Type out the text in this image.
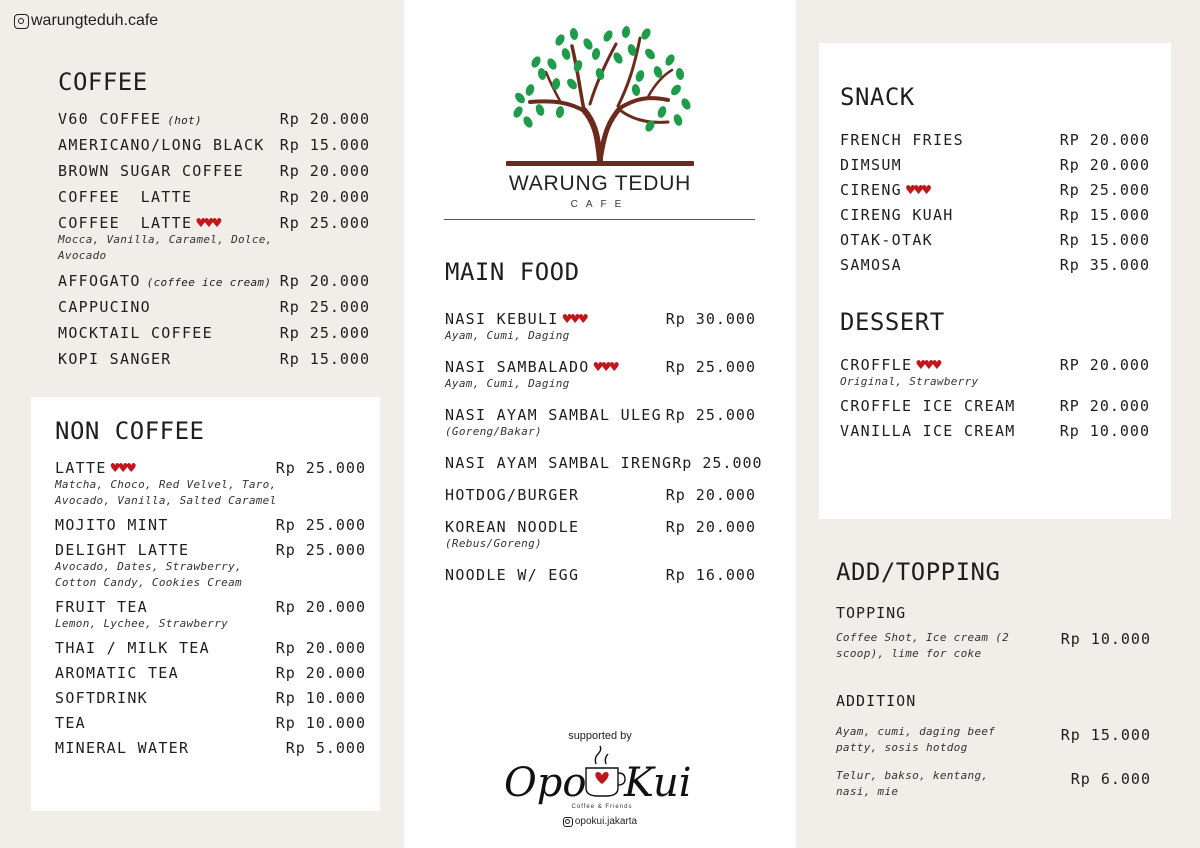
warungteduh.cafe
COFFEE
V60 COFFEE (hot)	Rp 20.000
AMERICANO/LONG BLACK Rp 15.000
BROWN SUGAR COFFEE Rp 20.000
COFFEE  LATTE	Rp 20.000
COFFEE  LATTE ♥♥♥	Rp 25.000
Mocca, Vanilla, Caramel, Dolce, Avocado
AFFOGATO (coffee ice cream) Rp 20.000
CAPPUCINO	Rp 25.000
MOCKTAIL COFFEE	Rp 25.000
KOPI SANGER	Rp 15.000
NON COFFEE
LATTE ♥♥♥	Rp 25.000
Matcha, Choco, Red Velvel, Taro, Avocado, Vanilla, Salted Caramel
MOJITO MINT	Rp 25.000
DELIGHT LATTE	Rp 25.000
Avocado, Dates, Strawberry, Cotton Candy, Cookies Cream
FRUIT TEA	Rp 20.000
Lemon, Lychee, Strawberry
THAI / MILK TEA	Rp 20.000
AROMATIC TEA	Rp 20.000
SOFTDRINK	Rp 10.000
TEA	Rp 10.000
MINERAL WATER	Rp 5.000
WARUNG TEDUH
CAFE
MAIN FOOD
NASI KEBULI ♥♥♥	Rp 30.000
Ayam, Cumi, Daging
NASI SAMBALADO ♥♥♥	Rp 25.000
Ayam, Cumi, Daging
NASI AYAM SAMBAL ULEG Rp 25.000
(Goreng/Bakar)
NASI AYAM SAMBAL IRENG Rp 25.000
HOTDOG/BURGER	Rp 20.000
KOREAN NOODLE	Rp 20.000
(Rebus/Goreng)
NOODLE W/ EGG	Rp 16.000
supported by
Opo Kui
Coffee & Friends
opokui.jakarta
SNACK
FRENCH FRIES	RP 20.000
DIMSUM	Rp 20.000
CIRENG ♥♥♥	Rp 25.000
CIRENG KUAH	Rp 15.000
OTAK-OTAK	Rp 15.000
SAMOSA	Rp 35.000
DESSERT
CROFFLE ♥♥♥	RP 20.000
Original, Strawberry
CROFFLE ICE CREAM	RP 20.000
VANILLA ICE CREAM	Rp 10.000
ADD/TOPPING
TOPPING
Coffee Shot, Ice cream (2 scoop), lime for coke
Rp 10.000
ADDITION
Ayam, cumi, daging beef patty, sosis hotdog
Rp 15.000
Telur, bakso, kentang, nasi, mie
Rp 6.000
